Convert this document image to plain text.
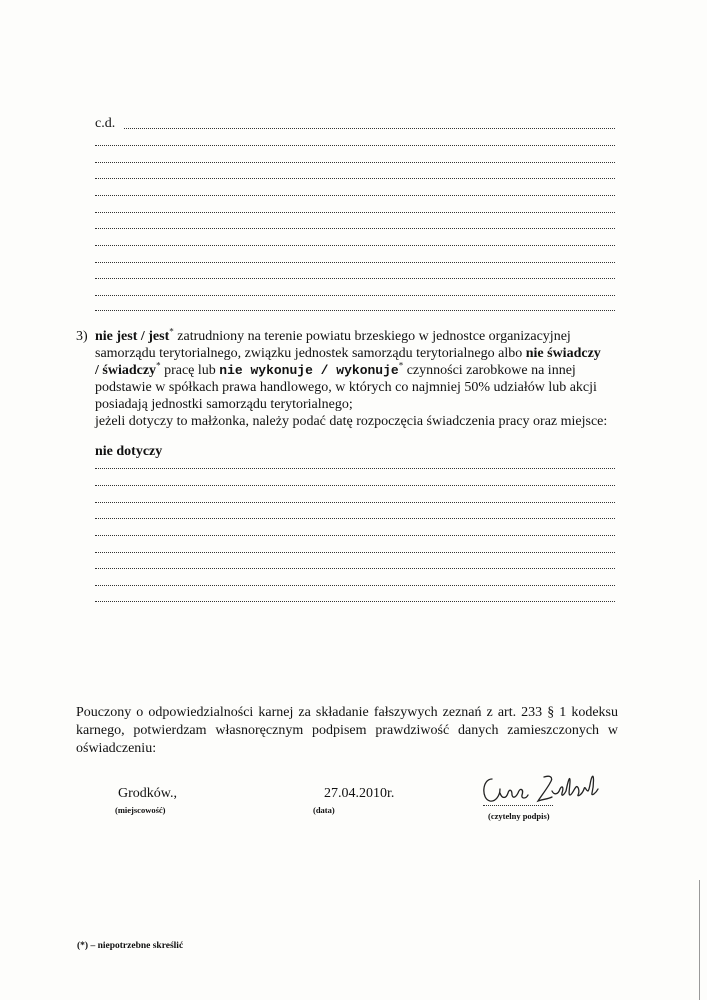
c.d.
3) nie jest / jest* zatrudniony na terenie powiatu brzeskiego w jednostce organizacyjnej
samorządu terytorialnego, związku jednostek samorządu terytorialnego albo nie świadczy
/ świadczy* pracę lub nie wykonuje / wykonuje* czynności zarobkowe na innej
podstawie w spółkach prawa handlowego, w których co najmniej 50% udziałów lub akcji
posiadają jednostki samorządu terytorialnego;
jeżeli dotyczy to małżonka, należy podać datę rozpoczęcia świadczenia pracy oraz miejsce:
nie dotyczy
Pouczony o odpowiedzialności karnej za składanie fałszywych zeznań z art. 233 § 1 kodeksu karnego, potwierdzam własnoręcznym podpisem prawdziwość danych zamieszczonych w oświadczeniu:
Grodków.,
(miejscowość)
27.04.2010r.
(data)
(czytelny podpis)
(*) – niepotrzebne skreślić
